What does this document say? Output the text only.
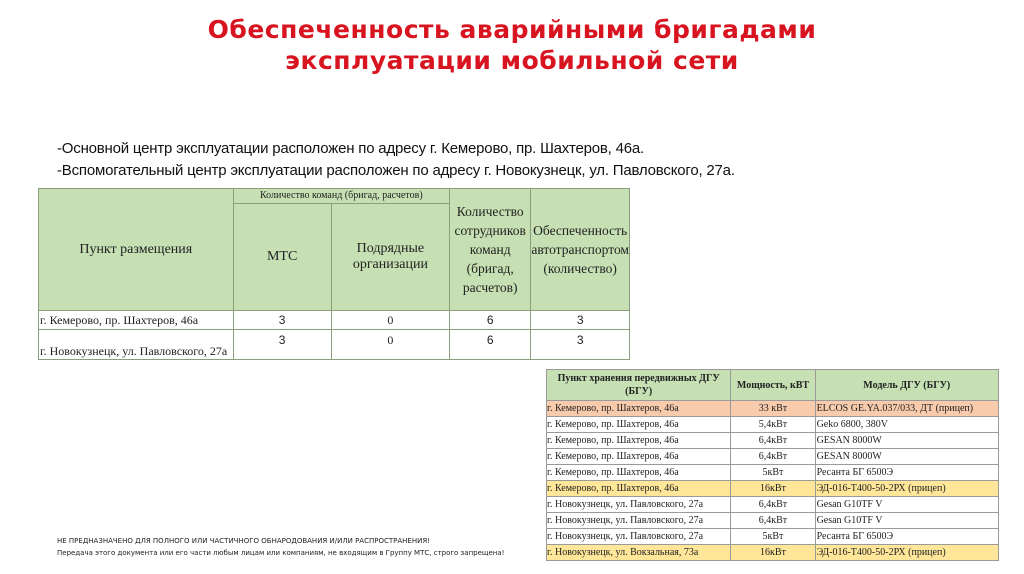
Обеспеченность аварийными бригадами
эксплуатации мобильной сети
-Основной центр эксплуатации расположен по адресу г. Кемерово, пр. Шахтеров, 46а.
-Вспомогательный центр эксплуатации расположен по адресу г. Новокузнецк, ул. Павловского, 27а.
Пункт размещения	Количество команд (бригад, расчетов)		Количество сотрудников команд (бригад, расчетов)	Обеспеченность автотранспортом (количество)
	МТС	Подрядные организации		
г. Кемерово, пр. Шахтеров, 46а	3	0	6	3
г. Новокузнецк, ул. Павловского, 27а	3	0	6	3
Пункт хранения передвижных ДГУ (БГУ)	Мощность, кВТ	Модель ДГУ (БГУ)
г. Кемерово, пр. Шахтеров, 46а	33 кВт	ELCOS GE.YA.037/033, ДТ (прицеп)
г. Кемерово, пр. Шахтеров, 46а	5,4кВт	Geko 6800, 380V
г. Кемерово, пр. Шахтеров, 46а	6,4кВт	GESAN 8000W
г. Кемерово, пр. Шахтеров, 46а	6,4кВт	GESAN 8000W
г. Кемерово, пр. Шахтеров, 46а	5кВт	Ресанта БГ 6500Э
г. Кемерово, пр. Шахтеров, 46а	16кВт	ЭД-016-Т400-50-2РХ (прицеп)
г. Новокузнецк, ул. Павловского, 27а	6,4кВт	Gesan G10TF V
г. Новокузнецк, ул. Павловского, 27а	6,4кВт	Gesan G10TF V
г. Новокузнецк, ул. Павловского, 27а	5кВт	Ресанта БГ 6500Э
г. Новокузнецк, ул. Вокзальная, 73а	16кВт	ЭД-016-Т400-50-2РХ (прицеп)
НЕ ПРЕДНАЗНАЧЕНО ДЛЯ ПОЛНОГО ИЛИ ЧАСТИЧНОГО ОБНАРОДОВАНИЯ И/ИЛИ РАСПРОСТРАНЕНИЯ!
Передача этого документа или его части любым лицам или компаниям, не входящим в Группу МТС, строго запрещена!
